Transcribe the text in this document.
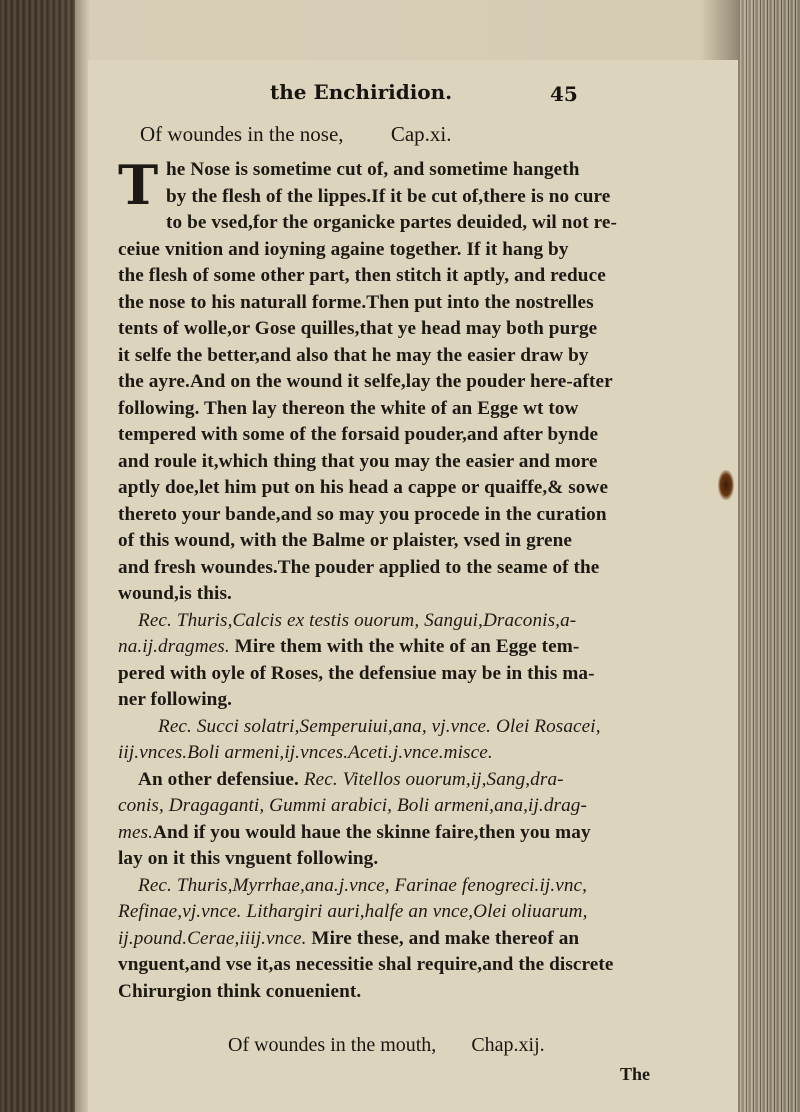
the Enchiridion.	45
Of woundes in the nose, Cap.xi.
T he Nose is sometime cut of, and sometime hangeth
by the flesh of the lippes.If it be cut of,there is no cure
to be vsed,for the organicke partes deuided, wil not re-
ceiue vnition and ioyning againe together. If it hang by
the flesh of some other part, then stitch it aptly, and reduce
the nose to his naturall forme.Then put into the nostrelles
tents of wolle,or Gose quilles,that ye head may both purge
it selfe the better,and also that he may the easier draw by
the ayre.And on the wound it selfe,lay the pouder here-after
following. Then lay thereon the white of an Egge wt tow
tempered with some of the forsaid pouder,and after bynde
and roule it,which thing that you may the easier and more
aptly doe,let him put on his head a cappe or quaiffe,& sowe
thereto your bande,and so may you procede in the curation
of this wound, with the Balme or plaister, vsed in grene
and fresh woundes.The pouder applied to the seame of the
wound,is this.
Rec. Thuris,Calcis ex testis ouorum, Sangui,Draconis,a-
na.ij.dragmes. Mire them with the white of an Egge tem-
pered with oyle of Roses, the defensiue may be in this ma-
ner following.
Rec. Succi solatri,Semperuiui,ana, vj.vnce. Olei Rosacei,
iij.vnces.Boli armeni,ij.vnces.Aceti.j.vnce.misce.
An other defensiue. Rec. Vitellos ouorum,ij,Sang,dra-
conis, Dragaganti, Gummi arabici, Boli armeni,ana,ij.drag-
mes.And if you would haue the skinne faire,then you may
lay on it this vnguent following.
Rec. Thuris,Myrrhae,ana.j.vnce, Farinae fenogreci.ij.vnc,
Refinae,vj.vnce. Lithargiri auri,halfe an vnce,Olei oliuarum,
ij.pound.Cerae,iiij.vnce. Mire these, and make thereof an
vnguent,and vse it,as necessitie shal require,and the discrete
Chirurgion think conuenient.
Of woundes in the mouth, Chap.xij.
The
